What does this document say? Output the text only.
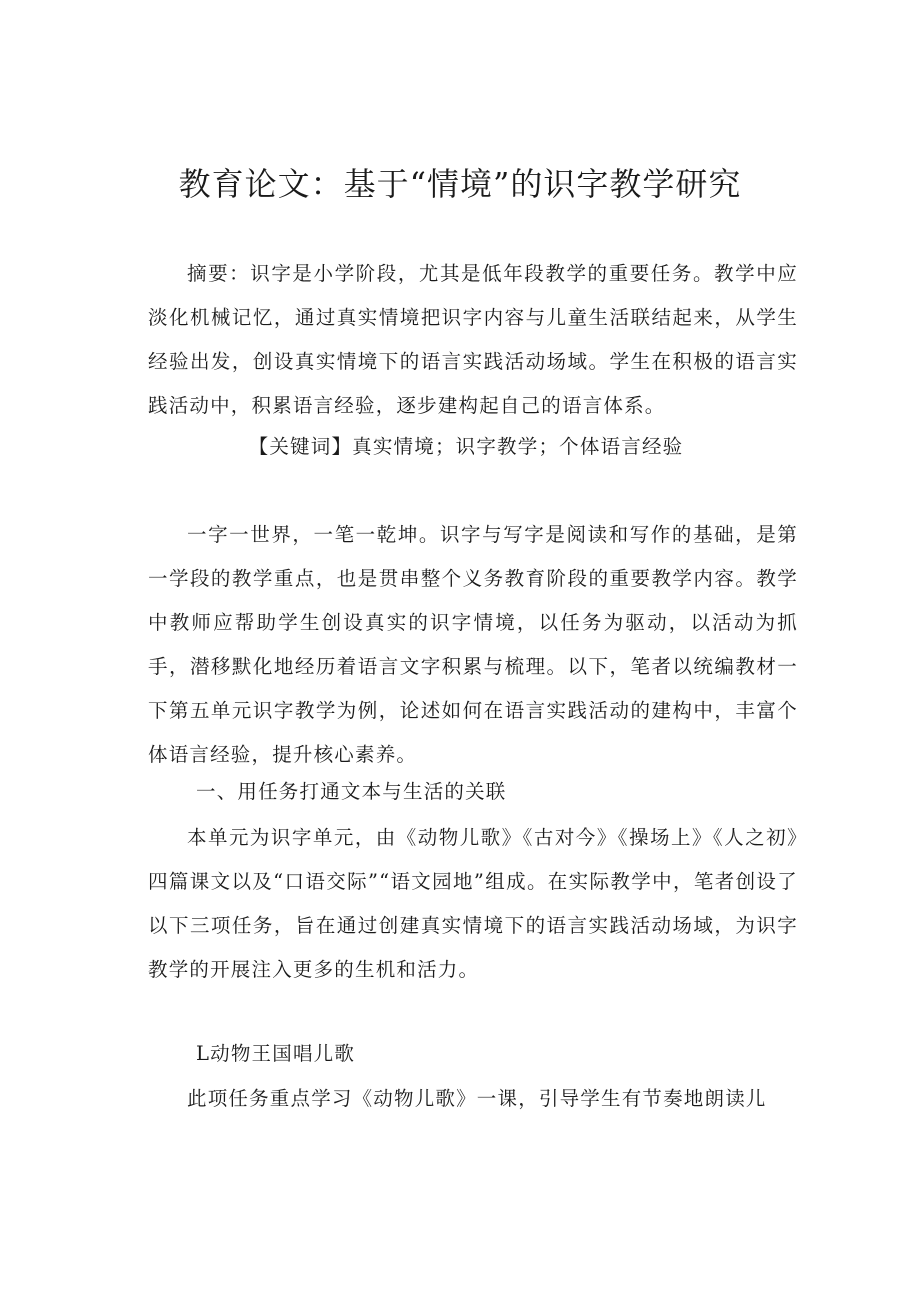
教育论文：基于“情境”的识字教学研究

摘要：识字是小学阶段，尤其是低年段教学的重要任务。教学中应淡化机械记忆，通过真实情境把识字内容与儿童生活联结起来，从学生经验出发，创设真实情境下的语言实践活动场域。学生在积极的语言实践活动中，积累语言经验，逐步建构起自己的语言体系。

【关键词】真实情境；识字教学；个体语言经验

一字一世界，一笔一乾坤。识字与写字是阅读和写作的基础，是第一学段的教学重点，也是贯串整个义务教育阶段的重要教学内容。教学中教师应帮助学生创设真实的识字情境，以任务为驱动，以活动为抓手，潜移默化地经历着语言文字积累与梳理。以下，笔者以统编教材一下第五单元识字教学为例，论述如何在语言实践活动的建构中，丰富个体语言经验，提升核心素养。

一、用任务打通文本与生活的关联

本单元为识字单元，由《动物儿歌》《古对今》《操场上》《人之初》四篇课文以及“口语交际”“语文园地”组成。在实际教学中，笔者创设了以下三项任务，旨在通过创建真实情境下的语言实践活动场域，为识字教学的开展注入更多的生机和活力。

L动物王国唱儿歌

此项任务重点学习《动物儿歌》一课，引导学生有节奏地朗读儿
